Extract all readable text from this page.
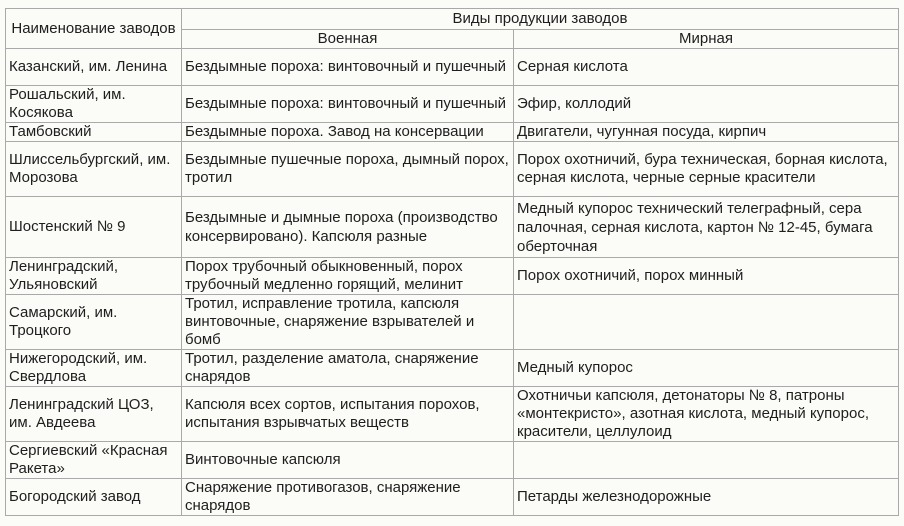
Наименование заводов	Виды продукции заводов	
	Военная	Мирная
Казанский, им. Ленина	Бездымные пороха: винтовочный и пушечный	Серная кислота
Рошальский, им. Косякова	Бездымные пороха: винтовочный и пушечный	Эфир, коллодий
Тамбовский	Бездымные пороха. Завод на консервации	Двигатели, чугунная посуда, кирпич
Шлиссельбургский, им. Морозова	Бездымные пушечные пороха, дымный порох, тротил	Порох охотничий, бура техническая, борная кислота, серная кислота, черные серные красители
Шостенский № 9	Бездымные и дымные пороха (производство консервировано). Капсюля разные	Медный купорос технический телеграфный, сера палочная, серная кислота, картон № 12-45, бумага оберточная
Ленинградский, Ульяновский	Порох трубочный обыкновенный, порох трубочный медленно горящий, мелинит	Порох охотничий, порох минный
Самарский, им. Троцкого	Тротил, исправление тротила, капсюля винтовочные, снаряжение взрывателей и бомб	
Нижегородский, им. Свердлова	Тротил, разделение аматола, снаряжение снарядов	Медный купорос
Ленинградский ЦОЗ, им. Авдеева	Капсюля всех сортов, испытания порохов, испытания взрывчатых веществ	Охотничьи капсюля, детонаторы № 8, патроны «монтекристо», азотная кислота, медный купорос, красители, целлулоид
Сергиевский «Красная Ракета»	Винтовочные капсюля	
Богородский завод	Снаряжение противогазов, снаряжение снарядов	Петарды железнодорожные
